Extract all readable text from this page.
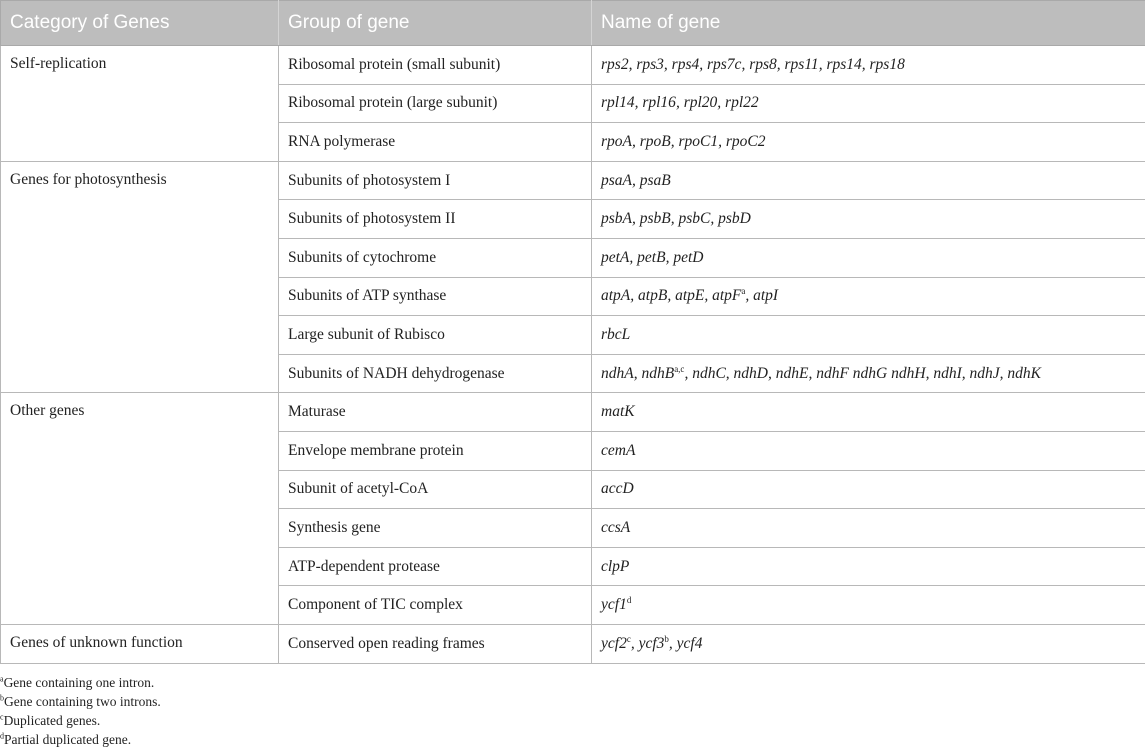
Category of Genes	Group of gene	Name of gene
Self-replication	Ribosomal protein (small subunit)	rps2, rps3, rps4, rps7c, rps8, rps11, rps14, rps18
	Ribosomal protein (large subunit)	rpl14, rpl16, rpl20, rpl22
	RNA polymerase	rpoA, rpoB, rpoC1, rpoC2
Genes for photosynthesis	Subunits of photosystem I	psaA, psaB
	Subunits of photosystem II	psbA, psbB, psbC, psbD
	Subunits of cytochrome	petA, petB, petD
	Subunits of ATP synthase	atpA, atpB, atpE, atpF$^a$, atpI
	Large subunit of Rubisco	rbcL
	Subunits of NADH dehydrogenase	ndhA, ndhB$^{a,c}$, ndhC, ndhD, ndhE, ndhF ndhG ndhH, ndhI, ndhJ, ndhK
Other genes	Maturase	matK
	Envelope membrane protein	cemA
	Subunit of acetyl-CoA	accD
	Synthesis gene	ccsA
	ATP-dependent protease	clpP
	Component of TIC complex	ycf1$^d$
Genes of unknown function	Conserved open reading frames	ycf2$^c$, ycf3$^b$, ycf4
$^a$Gene containing one intron.
$^b$Gene containing two introns.
$^c$Duplicated genes.
$^d$Partial duplicated gene.
